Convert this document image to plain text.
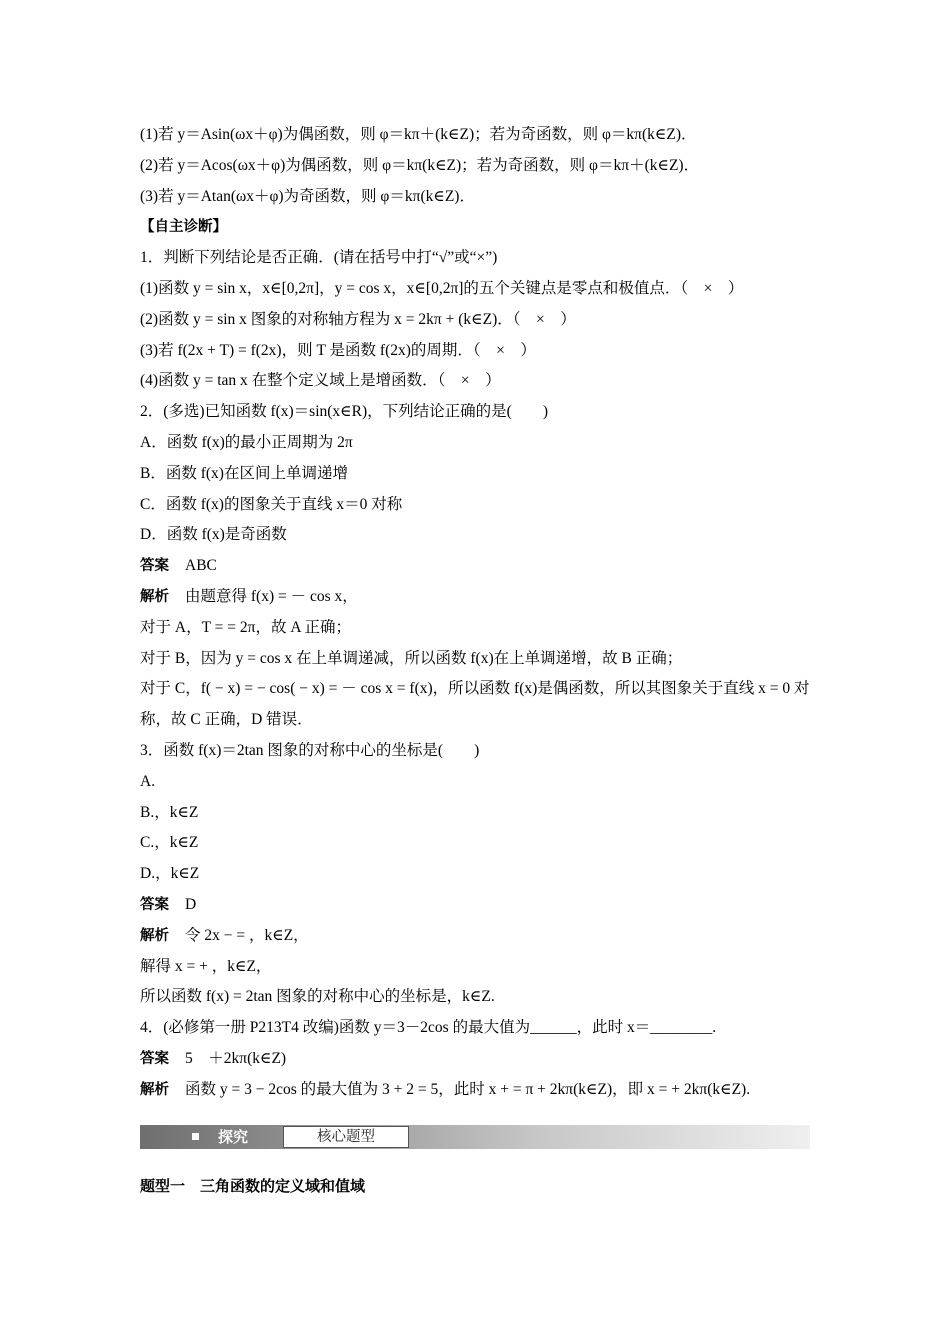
(1)若 y＝Asin(ωx＋φ)为偶函数，则 φ＝kπ＋(k∈Z)；若为奇函数，则 φ＝kπ(k∈Z)．
(2)若 y＝Acos(ωx＋φ)为偶函数，则 φ＝kπ(k∈Z)；若为奇函数，则 φ＝kπ＋(k∈Z)．
(3)若 y＝Atan(ωx＋φ)为奇函数，则 φ＝kπ(k∈Z)．
【自主诊断】
1．判断下列结论是否正确．(请在括号中打“√”或“×”)
(1)函数 y = sin x，x∈[0,2π]，y = cos x，x∈[0,2π]的五个关键点是零点和极值点．（　×　）
(2)函数 y = sin x 图象的对称轴方程为 x = 2kπ + (k∈Z)．（　×　）
(3)若 f(2x + T) = f(2x)，则 T 是函数 f(2x)的周期．（　×　）
(4)函数 y = tan x 在整个定义域上是增函数．（　×　）
2．(多选)已知函数 f(x)＝sin(x∈R)，下列结论正确的是(　　)
A．函数 f(x)的最小正周期为 2π
B．函数 f(x)在区间上单调递增
C．函数 f(x)的图象关于直线 x＝0 对称
D．函数 f(x)是奇函数
答案 ABC
解析 由题意得 f(x) = － cos x，
对于 A，T = = 2π，故 A 正确；
对于 B，因为 y = cos x 在上单调递减，所以函数 f(x)在上单调递增，故 B 正确；
对于 C，f( − x) = − cos( − x) = － cos x = f(x)，所以函数 f(x)是偶函数，所以其图象关于直线 x = 0 对称，故 C 正确，D 错误．
3．函数 f(x)＝2tan 图象的对称中心的坐标是(　　)
A.
B.，k∈Z
C.，k∈Z
D.，k∈Z
答案 D
解析 令 2x − = ，k∈Z，
解得 x = + ，k∈Z，
所以函数 f(x) = 2tan 图象的对称中心的坐标是，k∈Z.
4．(必修第一册 P213T4 改编)函数 y＝3－2cos 的最大值为______，此时 x＝________.
答案 5　＋2kπ(k∈Z)
解析 函数 y = 3 − 2cos 的最大值为 3 + 2 = 5，此时 x + = π + 2kπ(k∈Z)，即 x = + 2kπ(k∈Z).
探究	核心题型
题型一　三角函数的定义域和值域
